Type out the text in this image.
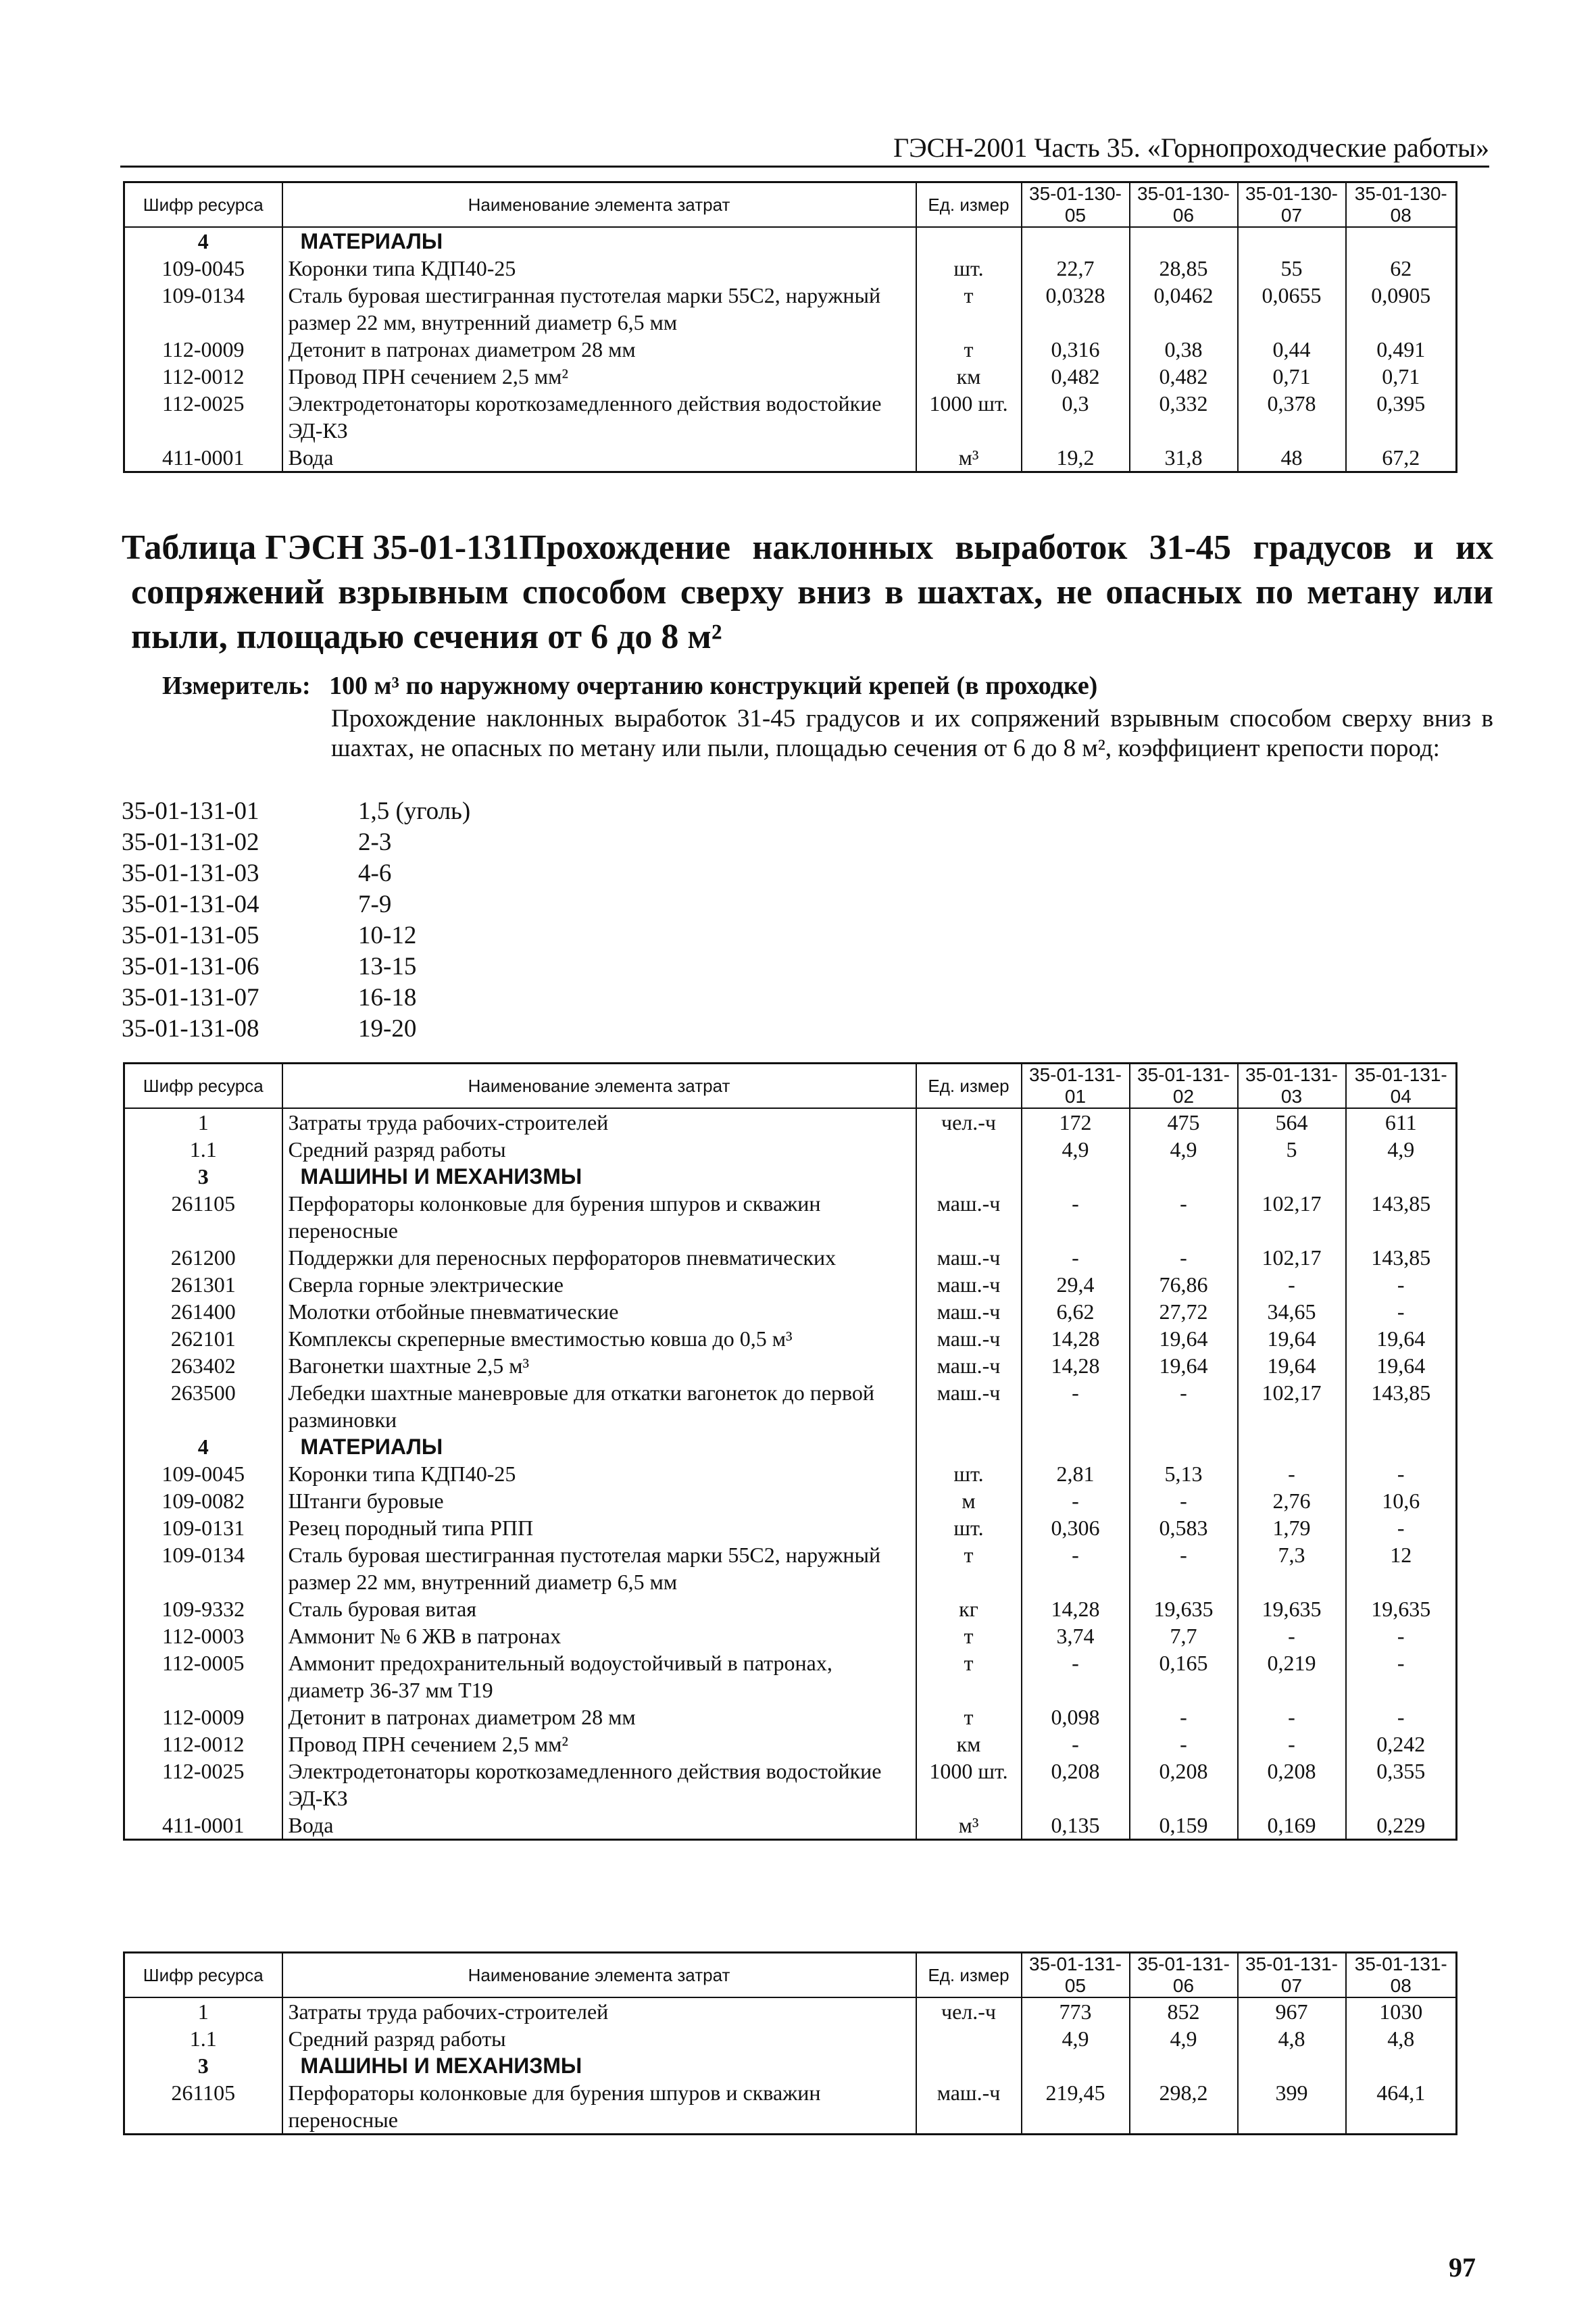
ГЭСН-2001 Часть 35. «Горнопроходческие работы»
Шифр ресурса	Наименование элемента затрат	Ед. измер	35-01-130-05	35-01-130-06	35-01-130-07	35-01-130-08
4	МАТЕРИАЛЫ					
109-0045	Коронки типа КДП40-25	шт.	22,7	28,85	55	62
109-0134	Сталь буровая шестигранная пустотелая марки 55С2, наружный размер 22 мм, внутренний диаметр 6,5 мм	т	0,0328	0,0462	0,0655	0,0905
112-0009	Детонит в патронах диаметром 28 мм	т	0,316	0,38	0,44	0,491
112-0012	Провод ПРН сечением 2,5 мм²	км	0,482	0,482	0,71	0,71
112-0025	Электродетонаторы короткозамедленного действия водостойкие ЭД-КЗ	1000 шт.	0,3	0,332	0,378	0,395
411-0001	Вода	м³	19,2	31,8	48	67,2
Таблица ГЭСН 35-01-131 Прохождение наклонных выработок 31-45 градусов и их сопряжений взрывным способом сверху вниз в шахтах, не опасных по метану или пыли, площадью сечения от 6 до 8 м²
Измеритель: 100 м³ по наружному очертанию конструкций крепей (в проходке)
Прохождение наклонных выработок 31-45 градусов и их сопряжений взрывным способом сверху вниз в шахтах, не опасных по метану или пыли, площадью сечения от 6 до 8 м², коэффициент крепости пород:
35-01-131-01	1,5 (уголь)
35-01-131-02	2-3
35-01-131-03	4-6
35-01-131-04	7-9
35-01-131-05	10-12
35-01-131-06	13-15
35-01-131-07	16-18
35-01-131-08	19-20
Шифр ресурса	Наименование элемента затрат	Ед. измер	35-01-131-01	35-01-131-02	35-01-131-03	35-01-131-04
1	Затраты труда рабочих-строителей	чел.-ч	172	475	564	611
1.1	Средний разряд работы		4,9	4,9	5	4,9
3	МАШИНЫ И МЕХАНИЗМЫ					
261105	Перфораторы колонковые для бурения шпуров и скважин переносные	маш.-ч	-	-	102,17	143,85
261200	Поддержки для переносных перфораторов пневматических	маш.-ч	-	-	102,17	143,85
261301	Сверла горные электрические	маш.-ч	29,4	76,86	-	-
261400	Молотки отбойные пневматические	маш.-ч	6,62	27,72	34,65	-
262101	Комплексы скреперные вместимостью ковша до 0,5 м³	маш.-ч	14,28	19,64	19,64	19,64
263402	Вагонетки шахтные 2,5 м³	маш.-ч	14,28	19,64	19,64	19,64
263500	Лебедки шахтные маневровые для откатки вагонеток до первой разминовки	маш.-ч	-	-	102,17	143,85
4	МАТЕРИАЛЫ					
109-0045	Коронки типа КДП40-25	шт.	2,81	5,13	-	-
109-0082	Штанги буровые	м	-	-	2,76	10,6
109-0131	Резец породный типа РПП	шт.	0,306	0,583	1,79	-
109-0134	Сталь буровая шестигранная пустотелая марки 55С2, наружный размер 22 мм, внутренний диаметр 6,5 мм	т	-	-	7,3	12
109-9332	Сталь буровая витая	кг	14,28	19,635	19,635	19,635
112-0003	Аммонит № 6 ЖВ в патронах	т	3,74	7,7	-	-
112-0005	Аммонит предохранительный водоустойчивый в патронах, диаметр 36-37 мм Т19	т	-	0,165	0,219	-
112-0009	Детонит в патронах диаметром 28 мм	т	0,098	-	-	-
112-0012	Провод ПРН сечением 2,5 мм²	км	-	-	-	0,242
112-0025	Электродетонаторы короткозамедленного действия водостойкие ЭД-КЗ	1000 шт.	0,208	0,208	0,208	0,355
411-0001	Вода	м³	0,135	0,159	0,169	0,229
Шифр ресурса	Наименование элемента затрат	Ед. измер	35-01-131-05	35-01-131-06	35-01-131-07	35-01-131-08
1	Затраты труда рабочих-строителей	чел.-ч	773	852	967	1030
1.1	Средний разряд работы		4,9	4,9	4,8	4,8
3	МАШИНЫ И МЕХАНИЗМЫ					
261105	Перфораторы колонковые для бурения шпуров и скважин переносные	маш.-ч	219,45	298,2	399	464,1
97
